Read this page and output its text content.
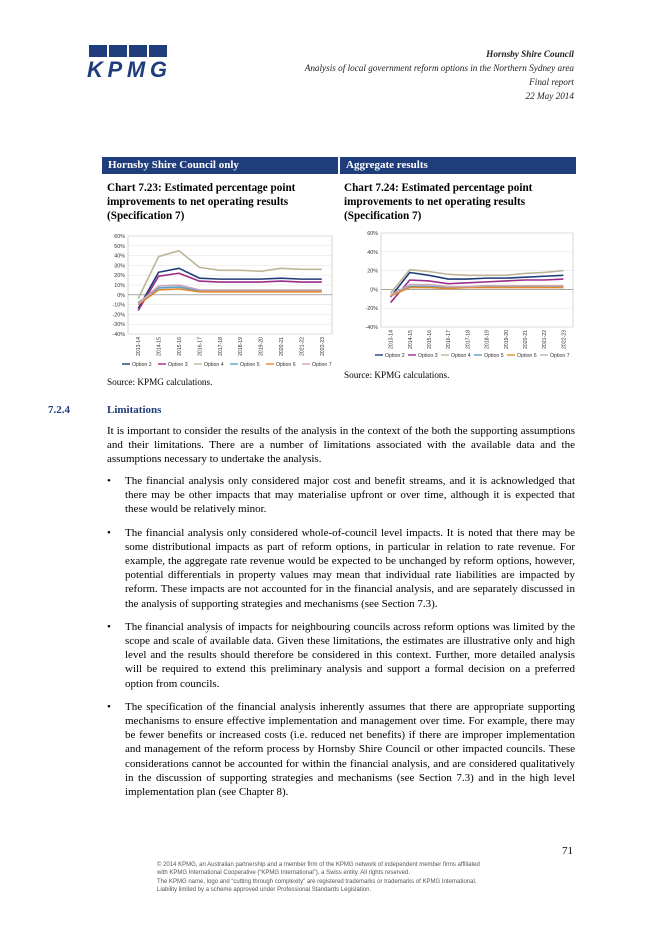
KPMG
Hornsby Shire Council
Analysis of local government reform options in the Northern Sydney area
Final report
22 May 2014
Hornsby Shire Council only	Aggregate results
Chart 7.23: Estimated percentage point improvements to net operating results (Specification 7)
Chart 7.24: Estimated percentage point improvements to net operating results (Specification 7)
60%
50%
40%
30%
20%
10%
0%
-10%
-20%
-30%
-40%
2013-14	2014-15	2015-16	2016-17	2017-18	2018-19	2019-20	2020-21	2021-22	2022-23
Option 2	Option 3	Option 4	Option 5	Option 6	Option 7
60%
40%
20%
0%
-20%
-40%
2013-14	2014-15	2015-16	2016-17	2017-18	2018-19	2019-20	2020-21	2021-22	2022-23
Option 2	Option 3	Option 4	Option 5	Option 6	Option 7
Source: KPMG calculations.
Source: KPMG calculations.
7.2.4	Limitations
It is important to consider the results of the analysis in the context of the both the supporting assumptions and their limitations. There are a number of limitations associated with the available data and the assumptions necessary to undertake the analysis.
• The financial analysis only considered major cost and benefit streams, and it is acknowledged that there may be other impacts that may materialise upfront or over time, although it is expected that these would be relatively minor.
• The financial analysis only considered whole-of-council level impacts. It is noted that there may be some distributional impacts as part of reform options, in particular in relation to rate revenue. For example, the aggregate rate revenue would be expected to be unchanged by reform options, however, potential differentials in property values may mean that individual rate liabilities are impacted by reform. These impacts are not accounted for in the financial analysis, and are separately discussed in the analysis of supporting strategies and mechanisms (see Section 7.3).
• The financial analysis of impacts for neighbouring councils across reform options was limited by the scope and scale of available data. Given these limitations, the estimates are illustrative only and high level and the results should therefore be considered in this context. Further, more detailed analysis will be required to extend this preliminary analysis and support a formal decision on a preferred option from councils.
• The specification of the financial analysis inherently assumes that there are appropriate supporting mechanisms to ensure effective implementation and management over time. For example, there may be fewer benefits or increased costs (i.e. reduced net benefits) if there are improper implementation and management of the reform process by Hornsby Shire Council or other impacted councils. These considerations cannot be accounted for within the financial analysis, and are considered qualitatively in the discussion of supporting strategies and mechanisms (see Section 7.3) and in the high level implementation plan (see Chapter 8).
71
© 2014 KPMG, an Australian partnership and a member firm of the KPMG network of independent member firms affiliated
with KPMG International Cooperative (“KPMG International”), a Swiss entity. All rights reserved.
The KPMG name, logo and “cutting through complexity” are registered trademarks or trademarks of KPMG International.
Liability limited by a scheme approved under Professional Standards Legislation.
